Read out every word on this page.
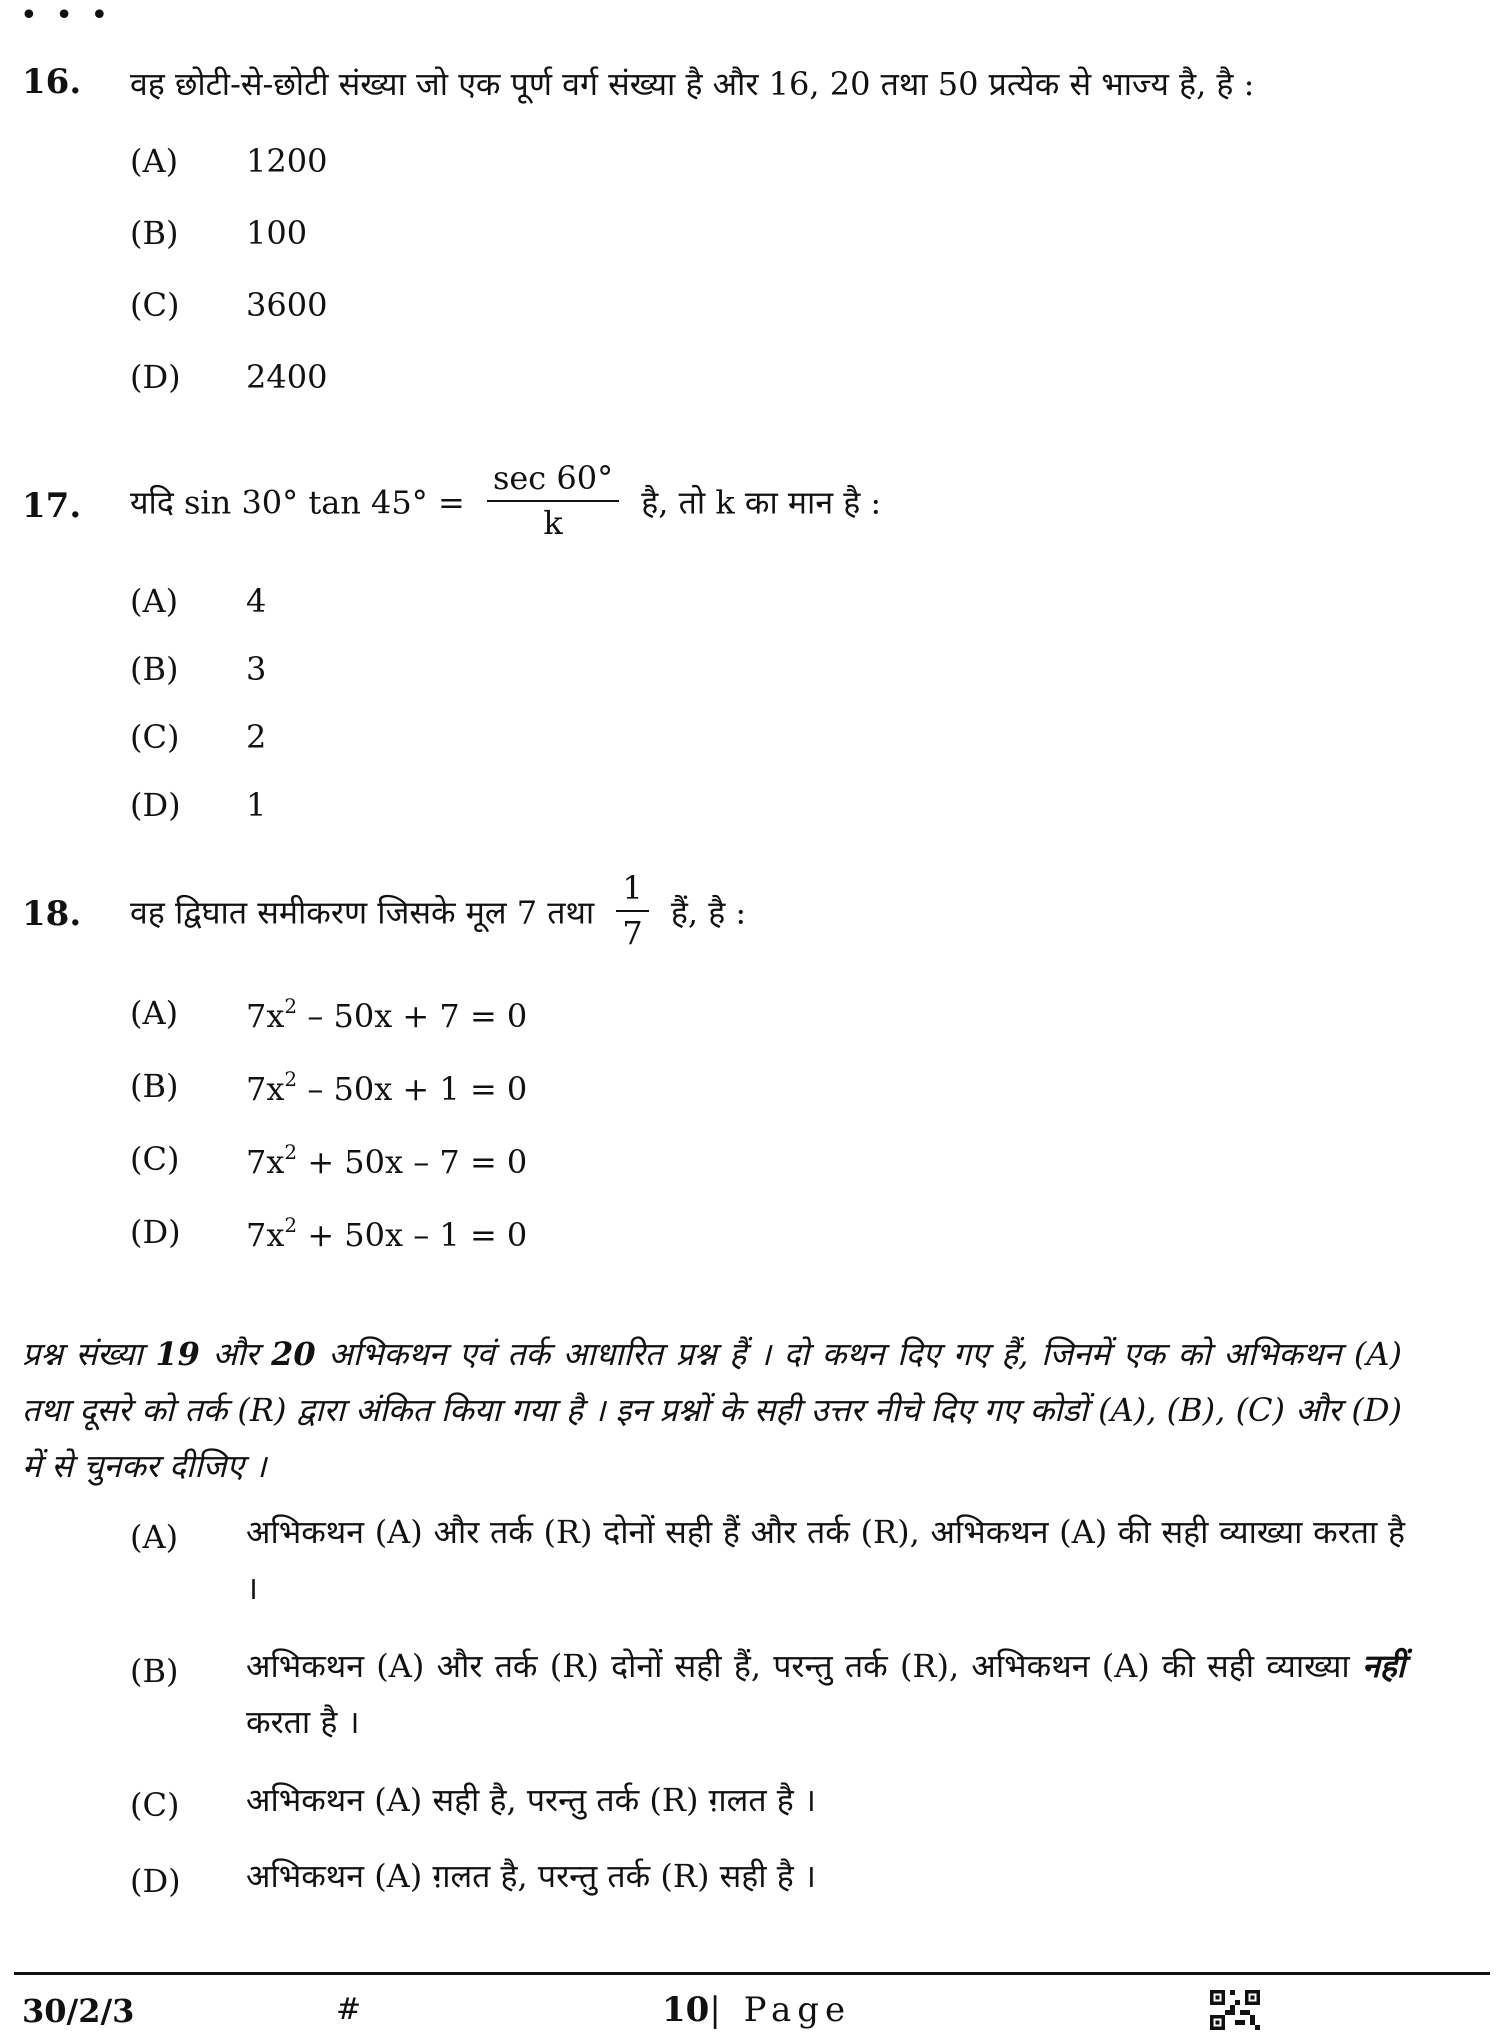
• • •
16. वह छोटी-से-छोटी संख्या जो एक पूर्ण वर्ग संख्या है और 16, 20 तथा 50 प्रत्येक से भाज्य है, है :
(A) 1200
(B) 100
(C) 3600
(D) 2400
17. यदि sin 30° $\tan 45^\circ = \frac{\sec 60^\circ}{k}$ है, तो k का मान है :
(A) 4
(B) 3
(C) 2
(D) 1
18. वह द्विघात समीकरण जिसके मूल 7 तथा $\frac{1}{7}$ हैं, है :
(A) $7x^2 - 50x + 7 = 0$
(B) $7x^2 - 50x + 1 = 0$
(C) $7x^2 + 50x - 7 = 0$
(D) $7x^2 + 50x - 1 = 0$
प्रश्न संख्या 19 और 20 अभिकथन एवं तर्क आधारित प्रश्न हैं । दो कथन दिए गए हैं, जिनमें एक को अभिकथन (A) तथा दूसरे को तर्क (R) द्वारा अंकित किया गया है । इन प्रश्नों के सही उत्तर नीचे दिए गए कोडों (A), (B), (C) और (D) में से चुनकर दीजिए ।
(A) अभिकथन (A) और तर्क (R) दोनों सही हैं और तर्क (R), अभिकथन (A) की सही व्याख्या करता है ।
(B) अभिकथन (A) और तर्क (R) दोनों सही हैं, परन्तु तर्क (R), अभिकथन (A) की सही व्याख्या नहीं करता है ।
(C) अभिकथन (A) सही है, परन्तु तर्क (R) ग़लत है ।
(D) अभिकथन (A) ग़लत है, परन्तु तर्क (R) सही है ।
30/2/3	#	10| Page
